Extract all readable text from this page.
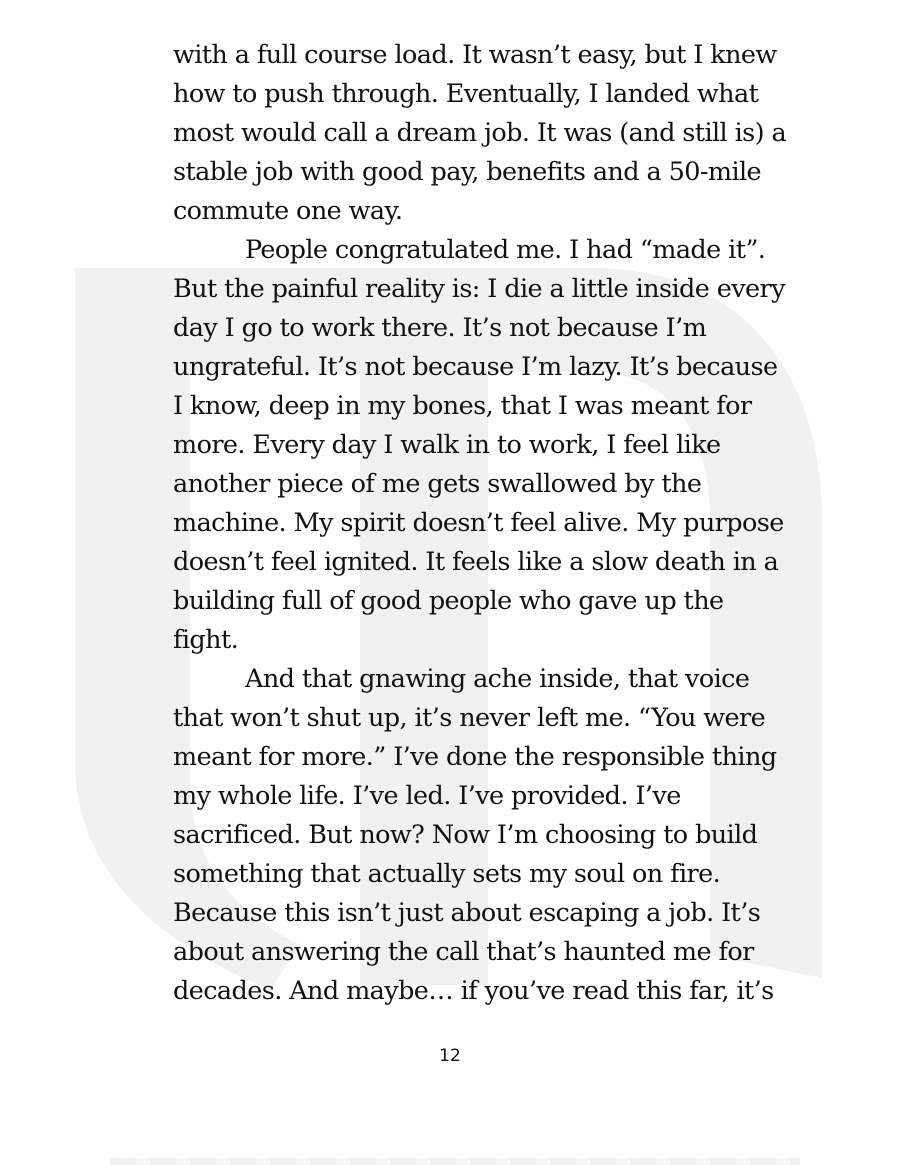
with a full course load. It wasn’t easy, but I knew
how to push through. Eventually, I landed what
most would call a dream job. It was (and still is) a
stable job with good pay, benefits and a 50-mile
commute one way.
People congratulated me. I had “made it”.
But the painful reality is: I die a little inside every
day I go to work there. It’s not because I’m
ungrateful. It’s not because I’m lazy. It’s because
I know, deep in my bones, that I was meant for
more. Every day I walk in to work, I feel like
another piece of me gets swallowed by the
machine. My spirit doesn’t feel alive. My purpose
doesn’t feel ignited. It feels like a slow death in a
building full of good people who gave up the
fight.
And that gnawing ache inside, that voice
that won’t shut up, it’s never left me. “You were
meant for more.” I’ve done the responsible thing
my whole life. I’ve led. I’ve provided. I’ve
sacrificed. But now? Now I’m choosing to build
something that actually sets my soul on fire.
Because this isn’t just about escaping a job. It’s
about answering the call that’s haunted me for
decades. And maybe… if you’ve read this far, it’s
12
